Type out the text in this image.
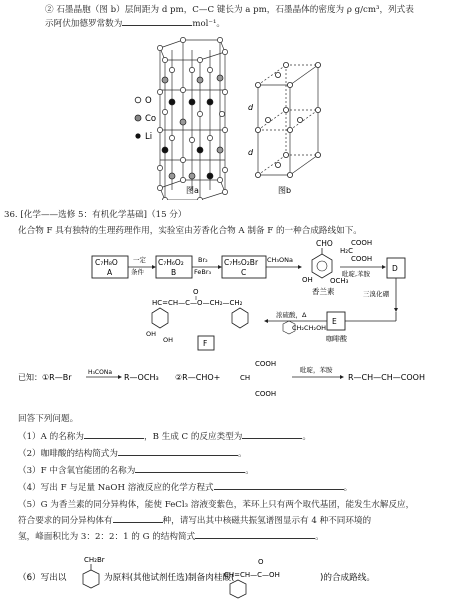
② 石墨晶胞（图 b）层间距为 d pm，C—C 键长为 a pm，石墨晶体的密度为 ρ g/cm³，列式表
示阿伏加德罗常数为	mol⁻¹。
O
Co
Li
d
d
图a	图b
36. [化学——选修 5：有机化学基础]（15 分）
化合物 F 具有独特的生理药理作用，实验室由芳香化合物 A 制备 F 的一种合成路线如下。
C₇H₈O
A
一定
条件
C₇H₆O₂
B
Br₂
FeBr₃
C₇H₅O₂Br
C
CH₃ONa
CHO
OH OCH₃
香兰素
COOH
H₂C
COOH
吡啶,苯胺
D
三溴化硼
E
咖啡酸
浓硫酸，Δ
CH₂CH₂OH
HC=CH—C—O—CH₂—CH₂
O
OH
OH	F
已知：①R—Br
H₃CONa
R—OCH₃ ②R—CHO+
COOH
CH
COOH
吡啶，苯胺
R—CH—CH—COOH
回答下列问题。
（1）A 的名称为	，B 生成 C 的反应类型为	。
（2）咖啡酸的结构简式为	。
（3）F 中含氧官能团的名称为	。
（4）写出 F 与足量 NaOH 溶液反应的化学方程式	。
（5）G 为香兰素的同分异构体，能使 FeCl₃ 溶液变紫色，苯环上只有两个取代基团，能发生水解反应，
符合要求的同分异构体有	种，请写出其中核磁共振氢谱图显示有 4 种不同环境的
氢，峰面积比为 3：2：2：1 的 G 的结构简式	。
（6）写出以
CH₂Br
为原料(其他试剂任选)制备肉桂酸(
O
CH=CH—C—OH	)的合成路线。
